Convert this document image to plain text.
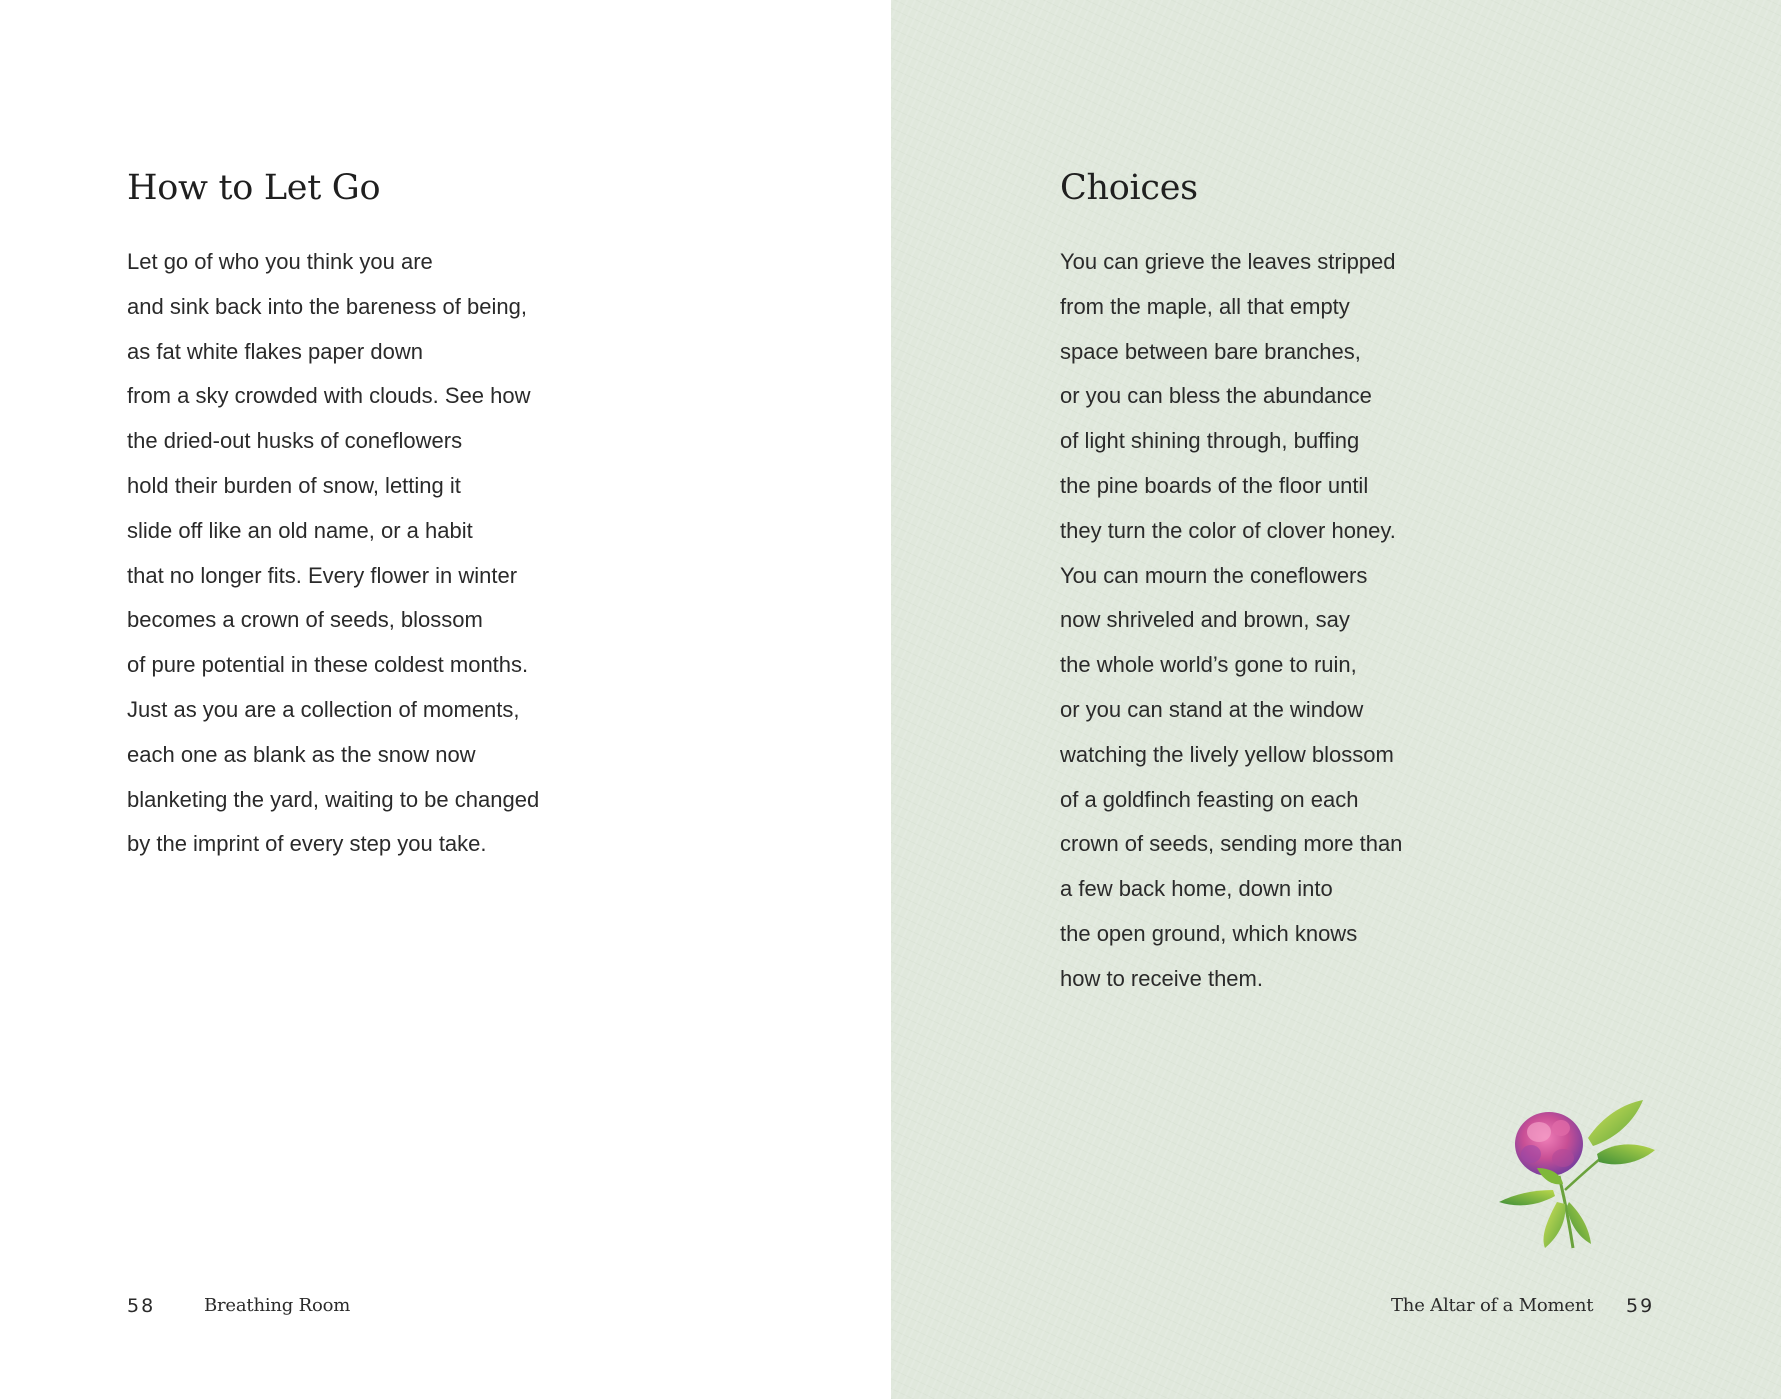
How to Let Go
Let go of who you think you are
and sink back into the bareness of being,
as fat white flakes paper down
from a sky crowded with clouds. See how
the dried-out husks of coneflowers
hold their burden of snow, letting it
slide off like an old name, or a habit
that no longer fits. Every flower in winter
becomes a crown of seeds, blossom
of pure potential in these coldest months.
Just as you are a collection of moments,
each one as blank as the snow now
blanketing the yard, waiting to be changed
by the imprint of every step you take.
58	Breathing Room
Choices
You can grieve the leaves stripped
from the maple, all that empty
space between bare branches,
or you can bless the abundance
of light shining through, buffing
the pine boards of the floor until
they turn the color of clover honey.
You can mourn the coneflowers
now shriveled and brown, say
the whole world’s gone to ruin,
or you can stand at the window
watching the lively yellow blossom
of a goldfinch feasting on each
crown of seeds, sending more than
a few back home, down into
the open ground, which knows
how to receive them.
The Altar of a Moment 59
